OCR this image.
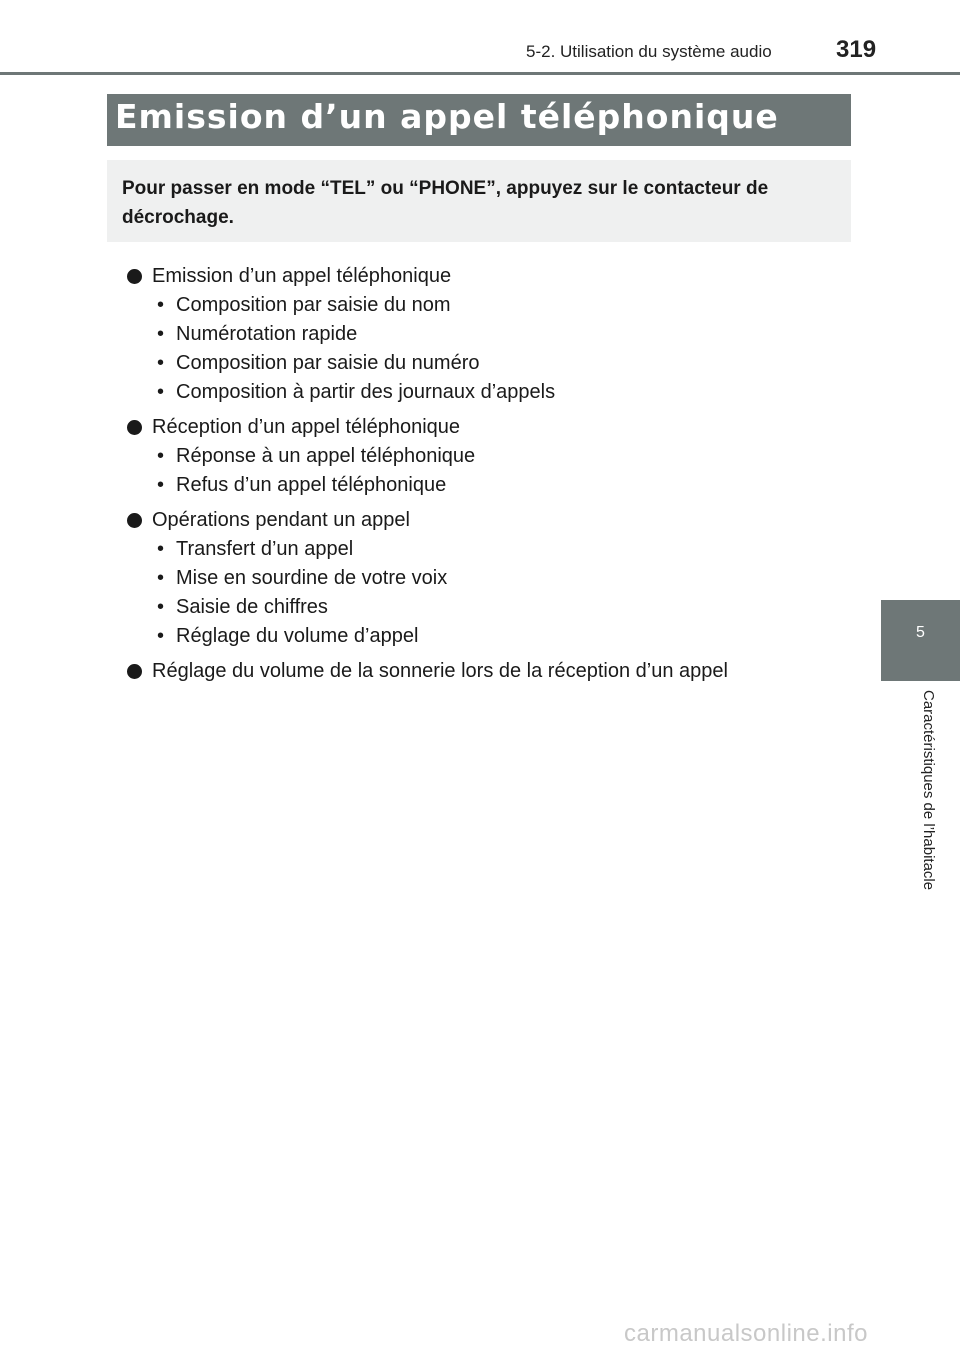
5-2. Utilisation du système audio	319
Emission d’un appel téléphonique
Pour passer en mode “TEL” ou “PHONE”, appuyez sur le contacteur de décrochage.
Emission d’un appel téléphonique
• Composition par saisie du nom
• Numérotation rapide
• Composition par saisie du numéro
• Composition à partir des journaux d’appels
Réception d’un appel téléphonique
• Réponse à un appel téléphonique
• Refus d’un appel téléphonique
Opérations pendant un appel
• Transfert d’un appel
• Mise en sourdine de votre voix
• Saisie de chiffres
• Réglage du volume d’appel
Réglage du volume de la sonnerie lors de la réception d’un appel
5
Caractéristiques de l’habitacle
carmanualsonline.info
